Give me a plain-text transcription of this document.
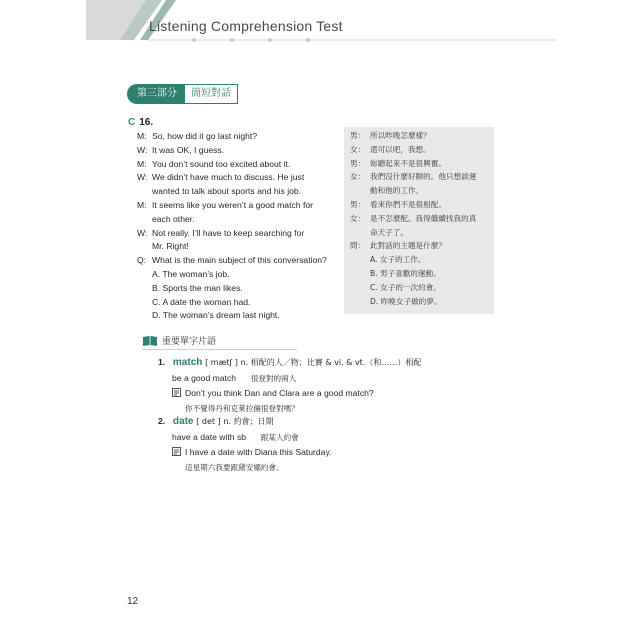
Listening Comprehension Test
第三部分	簡短對話
C 16.
M: So, how did it go last night?
W: It was OK, I guess.
M: You don’t sound too excited about it.
W: We didn’t have much to discuss. He just
wanted to talk about sports and his job.
M: It seems like you weren’t a good match for
each other.
W: Not really. I’ll have to keep searching for
Mr. Right!
Q: What is the main subject of this conversation?
A. The woman’s job.
B. Sports the man likes.
C. A date the woman had.
D. The woman’s dream last night.
男： 所以昨晚怎麼樣？
女： 還可以吧，我想。
男： 妳聽起來不是很興奮。
女： 我們沒什麼好聊的。他只想談運
動和他的工作。
男： 看來你們不是很相配。
女： 是不怎麼配。我得繼續找我的真
命天子了。
問： 此對話的主題是什麼？
A. 女子的工作。
B. 男子喜歡的運動。
C. 女子的一次約會。
D. 昨晚女子做的夢。
重要單字片語
1. match [ mætʃ ] n. 相配的人／物；比賽 & vi. & vt.（和……）相配
be a good match 很登對的兩人
Don’t you think Dan and Clara are a good match?
你不覺得丹和克萊拉倆很登對嗎？
2. date [ det ] n. 約會；日期
have a date with sb 跟某人約會
I have a date with Diana this Saturday.
這星期六我要跟黛安娜約會。
12
